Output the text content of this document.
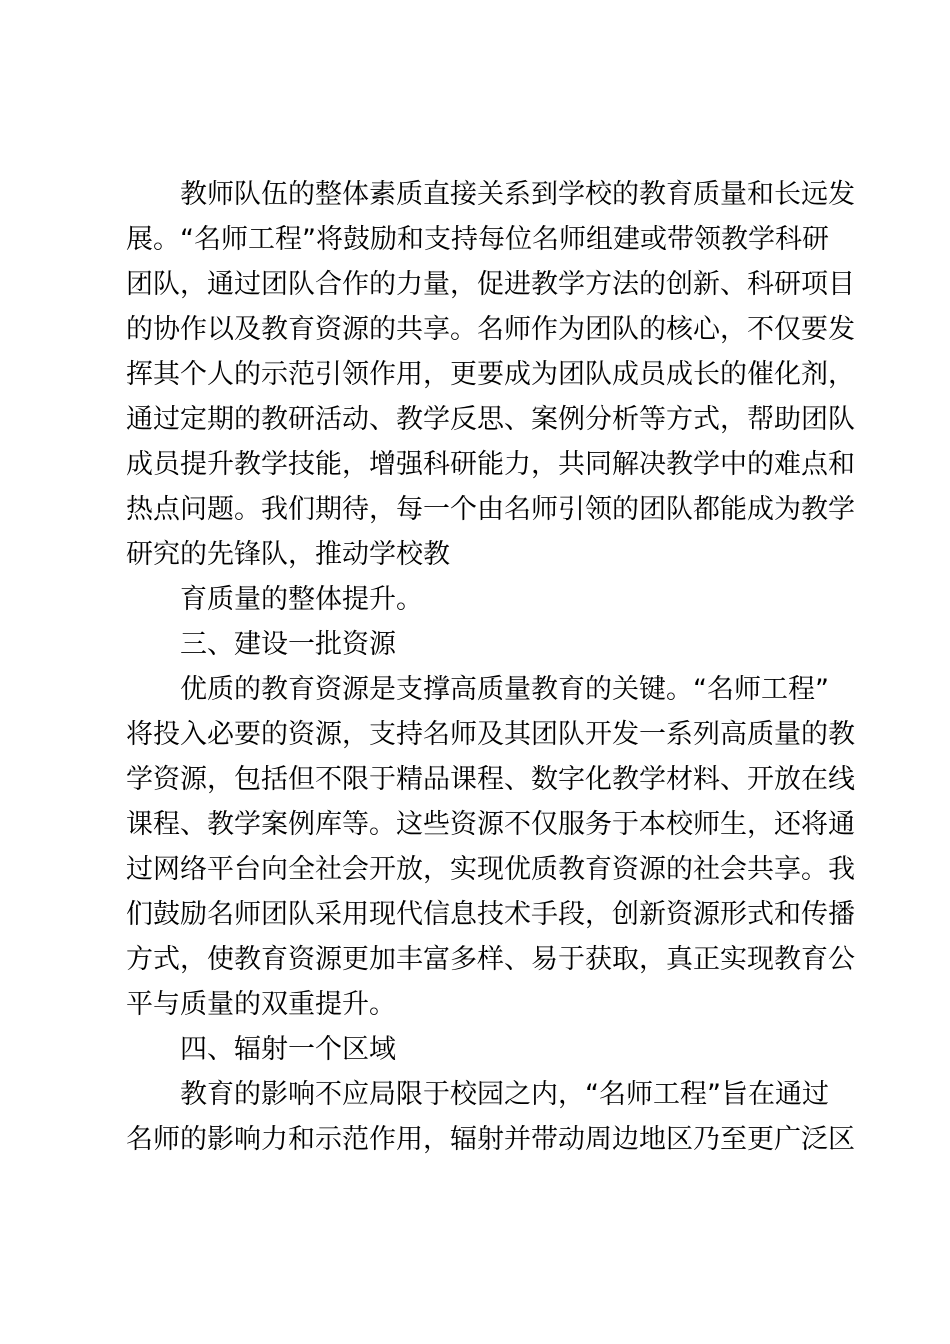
教师队伍的整体素质直接关系到学校的教育质量和长远发
展。“名师工程”将鼓励和支持每位名师组建或带领教学科研
团队，通过团队合作的力量，促进教学方法的创新、科研项目
的协作以及教育资源的共享。名师作为团队的核心，不仅要发
挥其个人的示范引领作用，更要成为团队成员成长的催化剂，
通过定期的教研活动、教学反思、案例分析等方式，帮助团队
成员提升教学技能，增强科研能力，共同解决教学中的难点和
热点问题。我们期待，每一个由名师引领的团队都能成为教学
研究的先锋队，推动学校教
育质量的整体提升。
三、建设一批资源
优质的教育资源是支撑高质量教育的关键。“名师工程”
将投入必要的资源，支持名师及其团队开发一系列高质量的教
学资源，包括但不限于精品课程、数字化教学材料、开放在线
课程、教学案例库等。这些资源不仅服务于本校师生，还将通
过网络平台向全社会开放，实现优质教育资源的社会共享。我
们鼓励名师团队采用现代信息技术手段，创新资源形式和传播
方式，使教育资源更加丰富多样、易于获取，真正实现教育公
平与质量的双重提升。
四、辐射一个区域
教育的影响不应局限于校园之内，“名师工程”旨在通过
名师的影响力和示范作用，辐射并带动周边地区乃至更广泛区
